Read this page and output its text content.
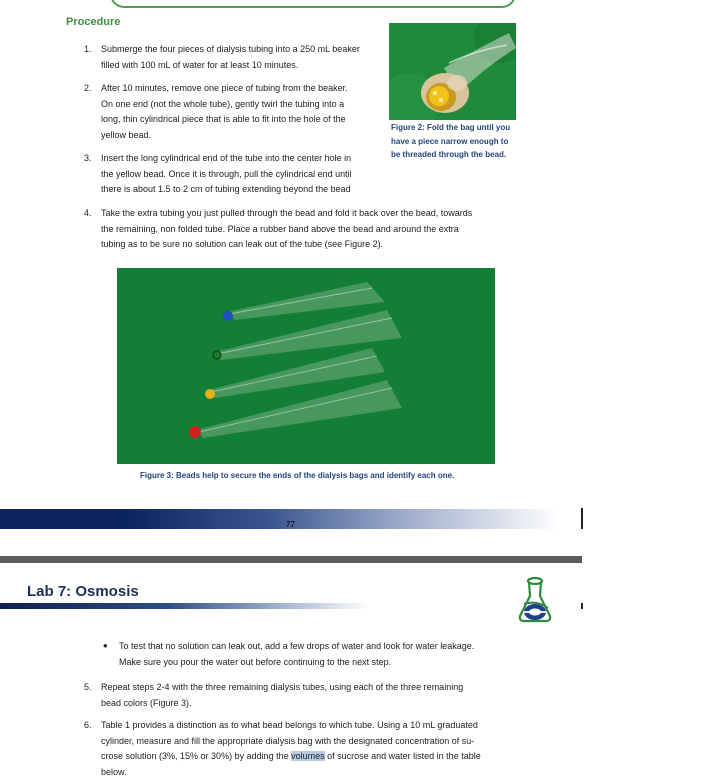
Procedure
1. Submerge the four pieces of dialysis tubing into a 250 mL beaker
filled with 100 mL of water for at least 10 minutes.
2. After 10 minutes, remove one piece of tubing from the beaker.
On one end (not the whole tube), gently twirl the tubing into a
long, thin cylindrical piece that is able to fit into the hole of the
yellow bead.
3. Insert the long cylindrical end of the tube into the center hole in
the yellow bead. Once it is through, pull the cylindrical end until
there is about 1.5 to 2 cm of tubing extending beyond the bead
Figure 2: Fold the bag until you
have a piece narrow enough to
be threaded through the bead.
4. Take the extra tubing you just pulled through the bead and fold it back over the bead, towards
the remaining, non folded tube. Place a rubber band above the bead and around the extra
tubing as to be sure no solution can leak out of the tube (see Figure 2).
Figure 3: Beads help to secure the ends of the dialysis bags and identify each one.
77
Lab 7: Osmosis
• To test that no solution can leak out, add a few drops of water and look for water leakage.
Make sure you pour the water out before continuing to the next step.
5. Repeat steps 2-4 with the three remaining dialysis tubes, using each of the three remaining
bead colors (Figure 3).
6. Table 1 provides a distinction as to what bead belongs to which tube. Using a 10 mL graduated
cylinder, measure and fill the appropriate dialysis bag with the designated concentration of su-
crose solution (3%, 15% or 30%) by adding the volumes of sucrose and water listed in the table
below.
